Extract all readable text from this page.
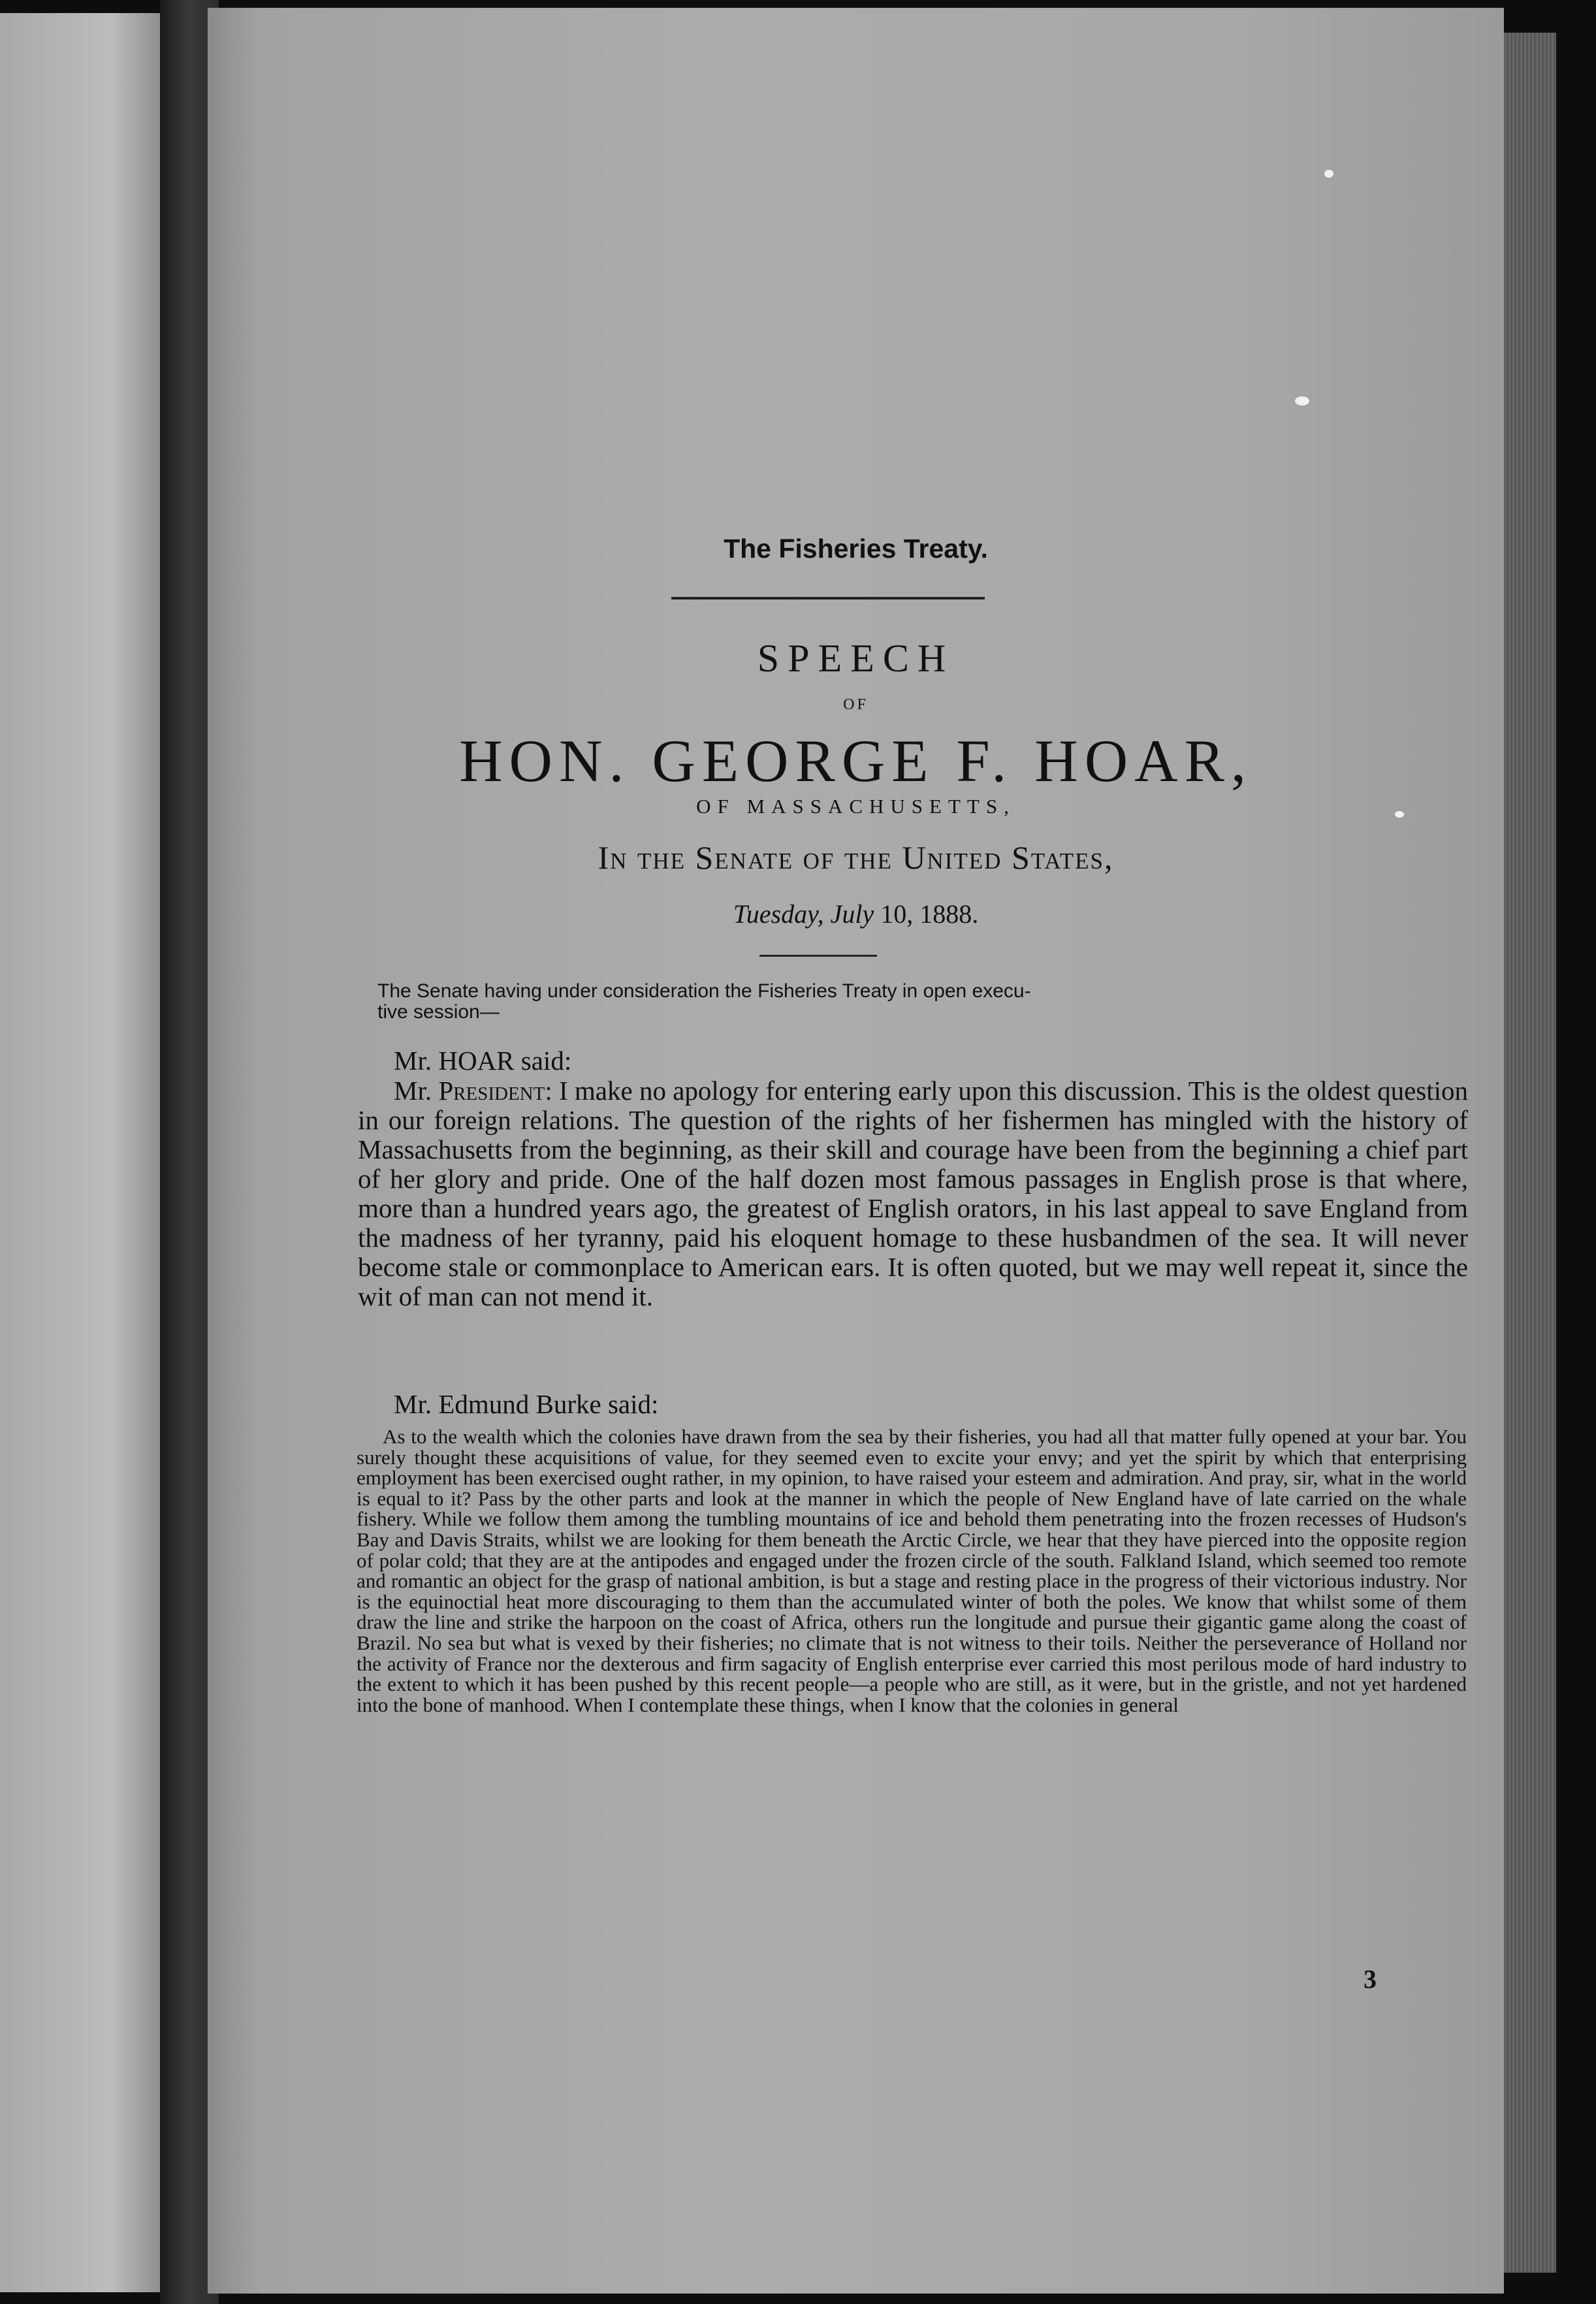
The Fisheries Treaty.
SPEECH
OF
HON. GEORGE F. HOAR,
OF MASSACHUSETTS,
In the Senate of the United States,
Tuesday, July 10, 1888.
The Senate having under consideration the Fisheries Treaty in open execu-
tive session—
Mr. HOAR said:
Mr. President: I make no apology for entering early upon this discussion. This is the oldest question in our foreign relations. The question of the rights of her fishermen has mingled with the history of Massachusetts from the beginning, as their skill and courage have been from the beginning a chief part of her glory and pride. One of the half dozen most famous passages in English prose is that where, more than a hundred years ago, the greatest of English orators, in his last appeal to save England from the madness of her tyranny, paid his eloquent homage to these husbandmen of the sea. It will never become stale or commonplace to American ears. It is often quoted, but we may well repeat it, since the wit of man can not mend it.
Mr. Edmund Burke said:
As to the wealth which the colonies have drawn from the sea by their fisheries, you had all that matter fully opened at your bar. You surely thought these acquisitions of value, for they seemed even to excite your envy; and yet the spirit by which that enterprising employment has been exercised ought rather, in my opinion, to have raised your esteem and admiration. And pray, sir, what in the world is equal to it? Pass by the other parts and look at the manner in which the people of New England have of late carried on the whale fishery. While we follow them among the tumbling mountains of ice and behold them penetrating into the frozen recesses of Hudson's Bay and Davis Straits, whilst we are looking for them beneath the Arctic Circle, we hear that they have pierced into the opposite region of polar cold; that they are at the antipodes and engaged under the frozen circle of the south. Falkland Island, which seemed too remote and romantic an object for the grasp of national ambition, is but a stage and resting place in the progress of their victorious industry. Nor is the equinoctial heat more discouraging to them than the accumulated winter of both the poles. We know that whilst some of them draw the line and strike the harpoon on the coast of Africa, others run the longitude and pursue their gigantic game along the coast of Brazil. No sea but what is vexed by their fisheries; no climate that is not witness to their toils. Neither the perseverance of Holland nor the activity of France nor the dexterous and firm sagacity of English enterprise ever carried this most perilous mode of hard industry to the extent to which it has been pushed by this recent people—a people who are still, as it were, but in the gristle, and not yet hardened into the bone of manhood. When I contemplate these things, when I know that the colonies in general
3
